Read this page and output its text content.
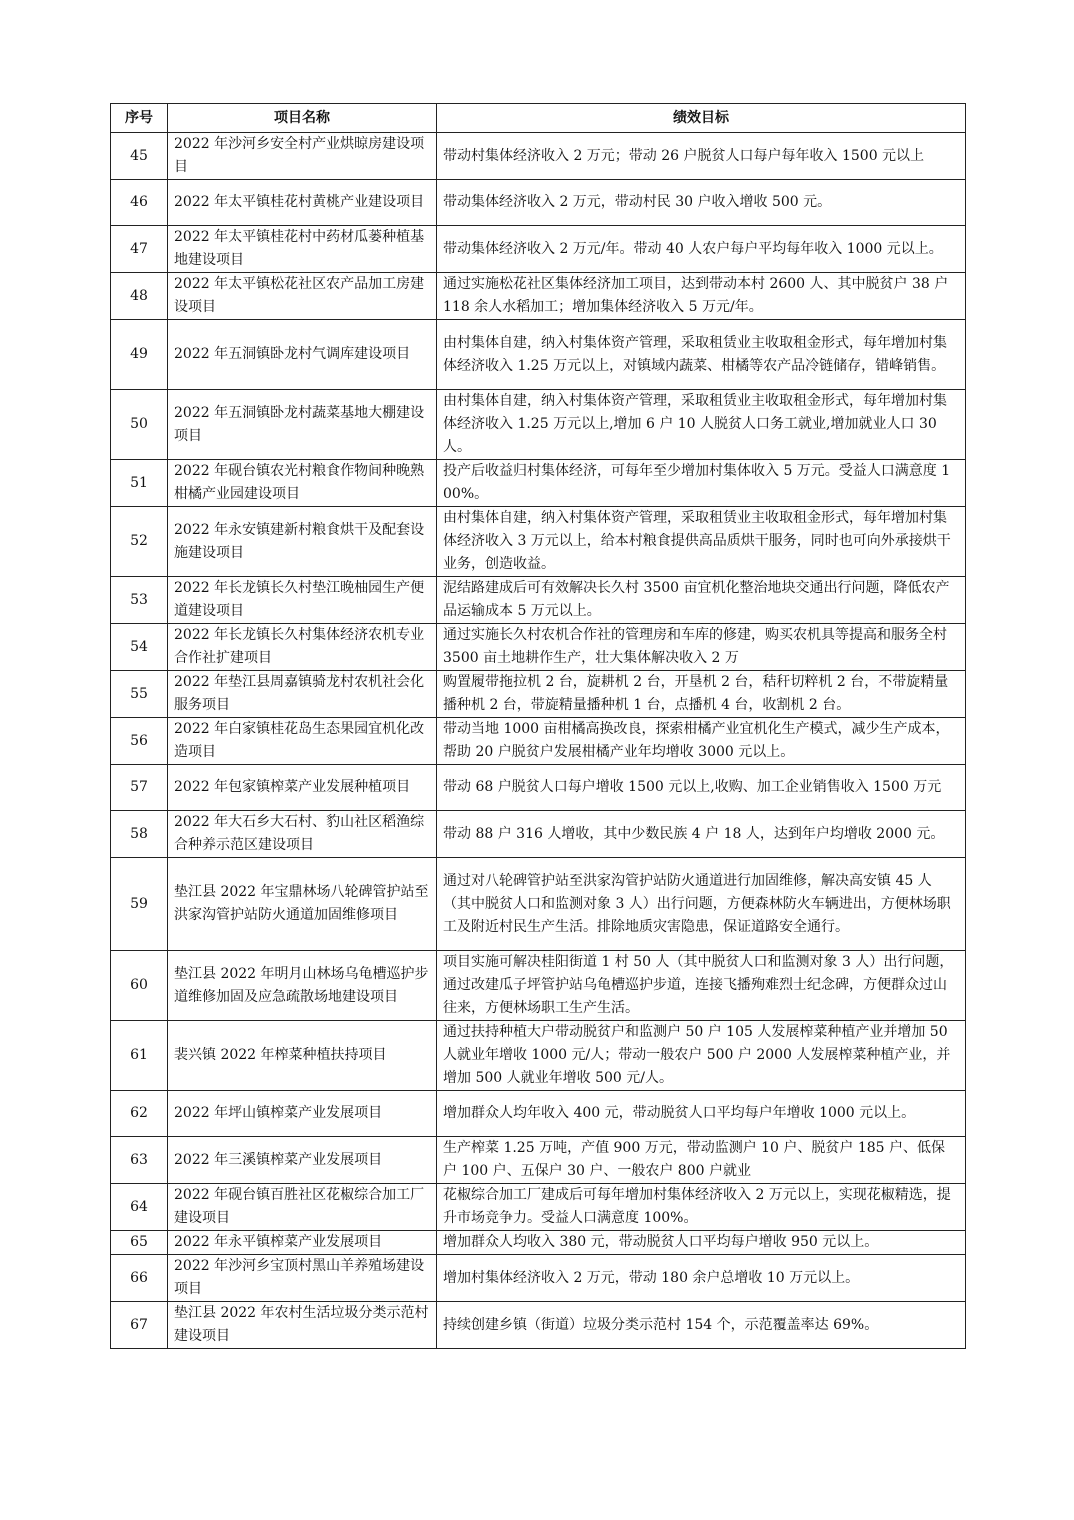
序号	项目名称	绩效目标
45	2022 年沙河乡安全村产业烘晾房建设项目	带动村集体经济收入 2 万元；带动 26 户脱贫人口每户每年收入 1500 元以上
46	2022 年太平镇桂花村黄桃产业建设项目	带动集体经济收入 2 万元，带动村民 30 户收入增收 500 元。
47	2022 年太平镇桂花村中药材瓜蒌种植基地建设项目	带动集体经济收入 2 万元/年。带动 40 人农户每户平均每年收入 1000 元以上。
48	2022 年太平镇松花社区农产品加工房建设项目	通过实施松花社区集体经济加工项目，达到带动本村 2600 人、其中脱贫户 38 户 118 余人水稻加工；增加集体经济收入 5 万元/年。
49	2022 年五洞镇卧龙村气调库建设项目	由村集体自建，纳入村集体资产管理，采取租赁业主收取租金形式，每年增加村集体经济收入 1.25 万元以上，对镇域内蔬菜、柑橘等农产品冷链储存，错峰销售。
50	2022 年五洞镇卧龙村蔬菜基地大棚建设项目	由村集体自建，纳入村集体资产管理，采取租赁业主收取租金形式，每年增加村集体经济收入 1.25 万元以上,增加 6 户 10 人脱贫人口务工就业,增加就业人口 30 人。
51	2022 年砚台镇农光村粮食作物间种晚熟柑橘产业园建设项目	投产后收益归村集体经济，可每年至少增加村集体收入 5 万元。受益人口满意度 100%。
52	2022 年永安镇建新村粮食烘干及配套设施建设项目	由村集体自建，纳入村集体资产管理，采取租赁业主收取租金形式，每年增加村集体经济收入 3 万元以上，给本村粮食提供高品质烘干服务，同时也可向外承接烘干业务，创造收益。
53	2022 年长龙镇长久村垫江晚柚园生产便道建设项目	泥结路建成后可有效解决长久村 3500 亩宜机化整治地块交通出行问题，降低农产品运输成本 5 万元以上。
54	2022 年长龙镇长久村集体经济农机专业合作社扩建项目	通过实施长久村农机合作社的管理房和车库的修建，购买农机具等提高和服务全村 3500 亩土地耕作生产，壮大集体解决收入 2 万
55	2022 年垫江县周嘉镇骑龙村农机社会化服务项目	购置履带拖拉机 2 台，旋耕机 2 台，开垦机 2 台，秸秆切粹机 2 台，不带旋精量播种机 2 台，带旋精量播种机 1 台，点播机 4 台，收割机 2 台。
56	2022 年白家镇桂花岛生态果园宜机化改造项目	带动当地 1000 亩柑橘高换改良，探索柑橘产业宜机化生产模式，减少生产成本，帮助 20 户脱贫户发展柑橘产业年均增收 3000 元以上。
57	2022 年包家镇榨菜产业发展种植项目	带动 68 户脱贫人口每户增收 1500 元以上,收购、加工企业销售收入 1500 万元
58	2022 年大石乡大石村、豹山社区稻渔综合种养示范区建设项目	带动 88 户 316 人增收，其中少数民族 4 户 18 人，达到年户均增收 2000 元。
59	垫江县 2022 年宝鼎林场八轮碑管护站至洪家沟管护站防火通道加固维修项目	通过对八轮碑管护站至洪家沟管护站防火通道进行加固维修，解决高安镇 45 人（其中脱贫人口和监测对象 3 人）出行问题，方便森林防火车辆进出，方便林场职工及附近村民生产生活。排除地质灾害隐患，保证道路安全通行。
60	垫江县 2022 年明月山林场乌龟槽巡护步道维修加固及应急疏散场地建设项目	项目实施可解决桂阳街道 1 村 50 人（其中脱贫人口和监测对象 3 人）出行问题，通过改建瓜子坪管护站乌龟槽巡护步道，连接飞播殉难烈士纪念碑，方便群众过山往来，方便林场职工生产生活。
61	裴兴镇 2022 年榨菜种植扶持项目	通过扶持种植大户带动脱贫户和监测户 50 户 105 人发展榨菜种植产业并增加 50 人就业年增收 1000 元/人；带动一般农户 500 户 2000 人发展榨菜种植产业，并增加 500 人就业年增收 500 元/人。
62	2022 年坪山镇榨菜产业发展项目	增加群众人均年收入 400 元，带动脱贫人口平均每户年增收 1000 元以上。
63	2022 年三溪镇榨菜产业发展项目	生产榨菜 1.25 万吨，产值 900 万元，带动监测户 10 户、脱贫户 185 户、低保户 100 户、五保户 30 户、一般农户 800 户就业
64	2022 年砚台镇百胜社区花椒综合加工厂建设项目	花椒综合加工厂建成后可每年增加村集体经济收入 2 万元以上，实现花椒精选，提升市场竞争力。受益人口满意度 100%。
65	2022 年永平镇榨菜产业发展项目	增加群众人均收入 380 元，带动脱贫人口平均每户增收 950 元以上。
66	2022 年沙河乡宝顶村黑山羊养殖场建设项目	增加村集体经济收入 2 万元，带动 180 余户总增收 10 万元以上。
67	垫江县 2022 年农村生活垃圾分类示范村建设项目	持续创建乡镇（街道）垃圾分类示范村 154 个，示范覆盖率达 69%。
